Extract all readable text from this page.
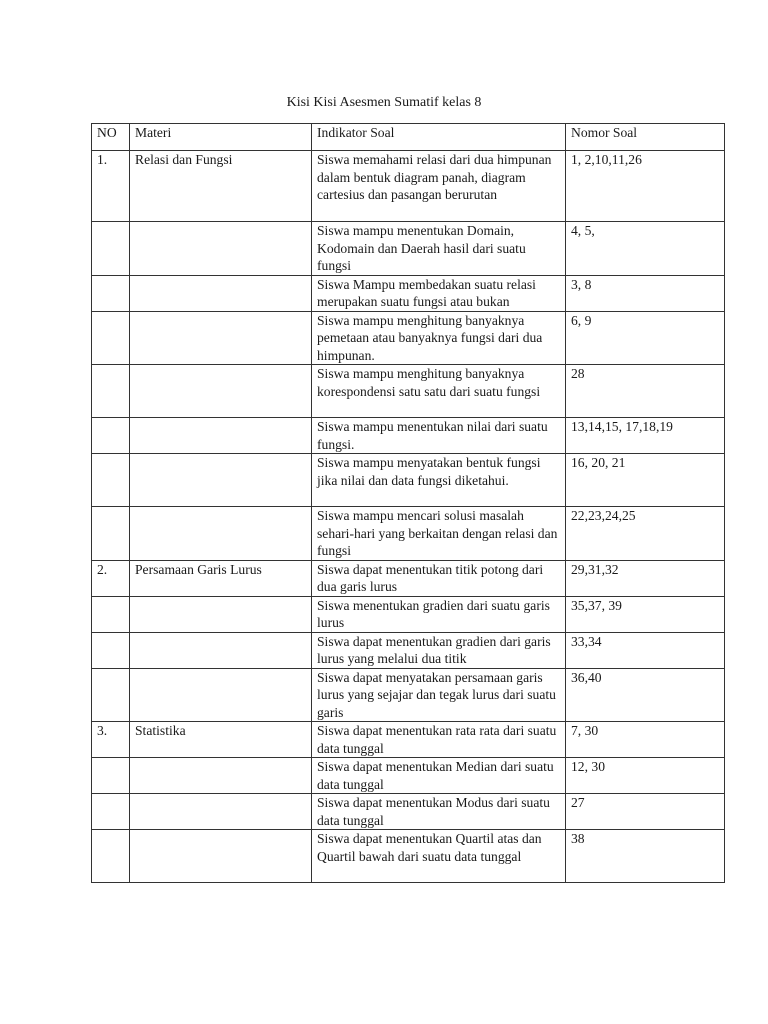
Kisi Kisi Asesmen Sumatif kelas 8
NO	Materi	Indikator Soal	Nomor Soal
1.	Relasi dan Fungsi	Siswa memahami relasi dari dua himpunan dalam bentuk diagram panah, diagram cartesius dan pasangan berurutan	1, 2,10,11,26
		Siswa mampu menentukan Domain, Kodomain dan Daerah hasil dari suatu fungsi	4, 5,
		Siswa Mampu membedakan suatu relasi merupakan suatu fungsi atau bukan	3, 8
		Siswa mampu menghitung banyaknya pemetaan atau banyaknya fungsi dari dua himpunan.	6, 9
		Siswa mampu menghitung banyaknya korespondensi satu satu dari suatu fungsi	28
		Siswa mampu menentukan nilai dari suatu fungsi.	13,14,15, 17,18,19
		Siswa mampu menyatakan bentuk fungsi jika nilai dan data fungsi diketahui.	16, 20, 21
		Siswa mampu mencari solusi masalah sehari-hari yang berkaitan dengan relasi dan fungsi	22,23,24,25
2.	Persamaan Garis Lurus	Siswa dapat menentukan titik potong dari dua garis lurus	29,31,32
		Siswa menentukan gradien dari suatu garis lurus	35,37, 39
		Siswa dapat menentukan gradien dari garis lurus yang melalui dua titik	33,34
		Siswa dapat menyatakan persamaan garis lurus yang sejajar dan tegak lurus dari suatu garis	36,40
3.	Statistika	Siswa dapat menentukan rata rata dari suatu data tunggal	7, 30
		Siswa dapat menentukan Median dari suatu data tunggal	12, 30
		Siswa dapat menentukan Modus dari suatu data tunggal	27
		Siswa dapat menentukan Quartil atas dan Quartil bawah dari suatu data tunggal	38
